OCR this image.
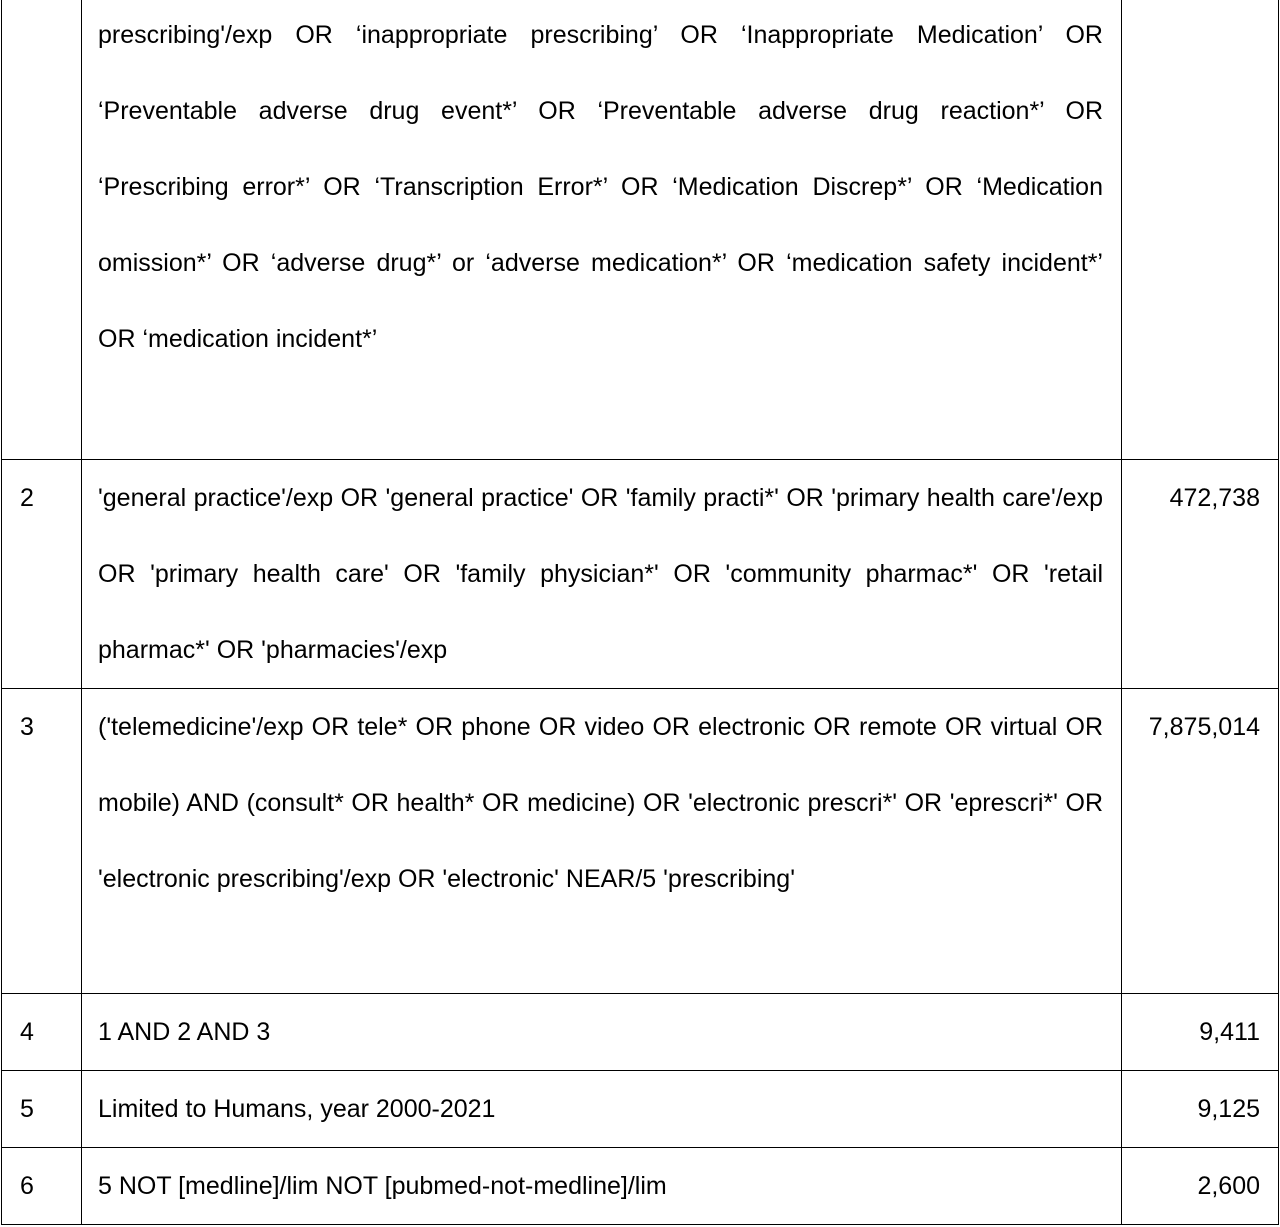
	prescribing'/exp OR ‘inappropriate prescribing’ OR ‘Inappropriate Medication’ OR ‘Preventable adverse drug event*’ OR ‘Preventable adverse drug reaction*’ OR ‘Prescribing error*’ OR ‘Transcription Error*’ OR ‘Medication Discrep*’ OR ‘Medication omission*’ OR ‘adverse drug*’ or ‘adverse medication*’ OR ‘medication safety incident*’ OR ‘medication incident*’	
2	'general practice'/exp OR 'general practice' OR 'family practi*' OR 'primary health care'/exp OR 'primary health care' OR 'family physician*' OR 'community pharmac*' OR 'retail pharmac*' OR 'pharmacies'/exp	472,738
3	('telemedicine'/exp OR tele* OR phone OR video OR electronic OR remote OR virtual OR mobile) AND (consult* OR health* OR medicine) OR 'electronic prescri*' OR 'eprescri*' OR 'electronic prescribing'/exp OR 'electronic' NEAR/5 'prescribing'	7,875,014
4	1 AND 2 AND 3	9,411
5	Limited to Humans, year 2000-2021	9,125
6	5 NOT [medline]/lim NOT [pubmed-not-medline]/lim	2,600
